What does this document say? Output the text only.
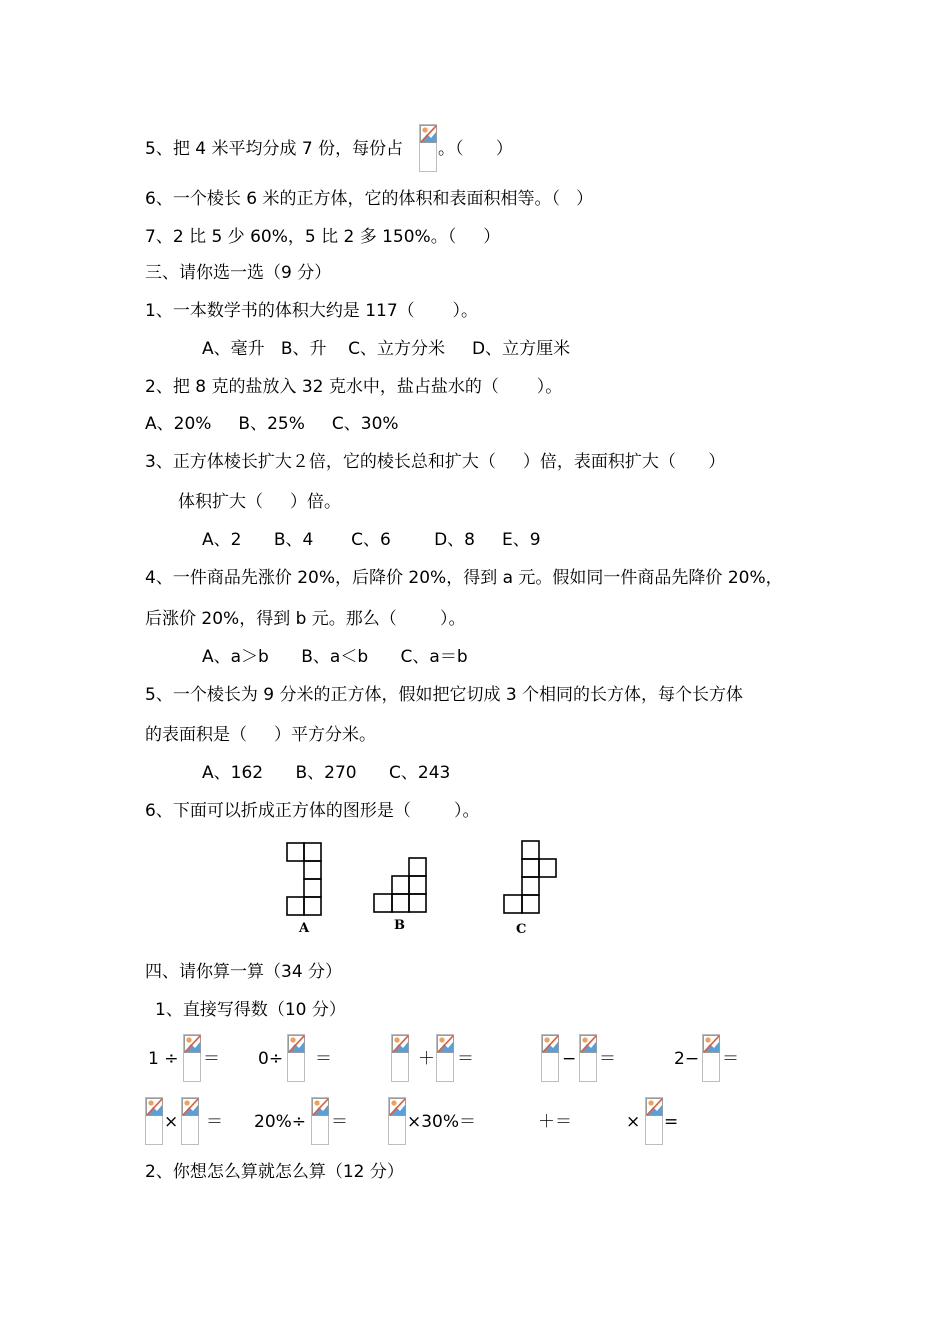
5、把 4 米平均分成 7 份，每份占 。（      ）
6、一个棱长 6 米的正方体，它的体积和表面积相等。（   ）
7、2 比 5 少 60%，5 比 2 多 150%。（     ）
三、请你选一选（9 分）
1、一本数学书的体积大约是 117（       ）。
A、毫升   B、升    C、立方分米     D、立方厘米
2、把 8 克的盐放入 32 克水中，盐占盐水的（       ）。
A、20%     B、25%     C、30%
3、正方体棱长扩大２倍，它的棱长总和扩大（     ）倍，表面积扩大（      ）
体积扩大（     ）倍。
A、2      B、4       C、6        D、8     E、9
4、一件商品先涨价 20%，后降价 20%，得到 a 元。假如同一件商品先降价 20%，
后涨价 20%，得到 b 元。那么（        ）。
A、a＞b      B、a＜b      C、a＝b
5、一个棱长为 9 分米的正方体，假如把它切成 3 个相同的长方体，每个长方体
的表面积是（     ）平方分米。
A、162      B、270      C、243
6、下面可以折成正方体的图形是（        ）。
A	B	C
四、请你算一算（34 分）
1、直接写得数（10 分）
1 ÷ ＝ 0÷ ＝	＋ ＝	− ＝	2− ＝
× ＝ 20%÷ ＝	×30%＝	＋＝	× =
2、你想怎么算就怎么算（12 分）
